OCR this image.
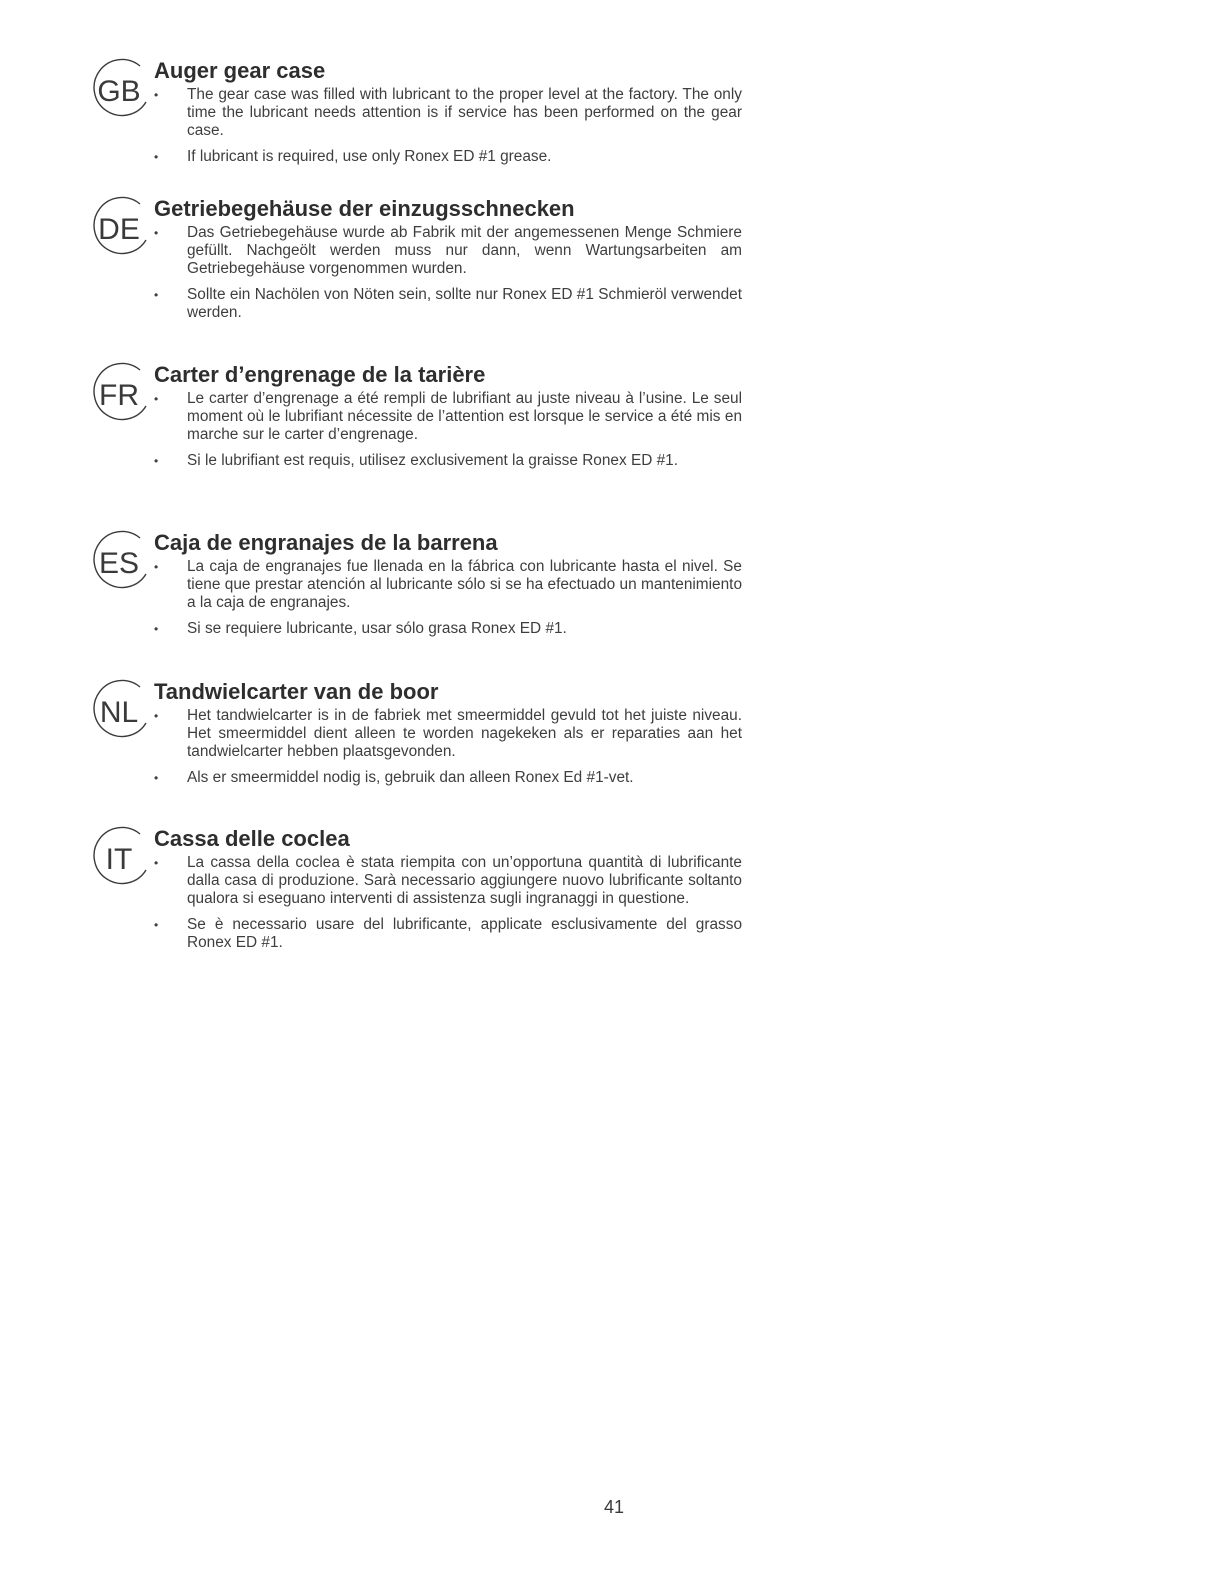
GB
Auger gear case
• The gear case was filled with lubricant to the proper level at the factory. The only time the lubricant needs attention is if service has been performed on the gear case.
• If lubricant is required, use only Ronex ED #1 grease.
DE
Getriebegehäuse der einzugsschnecken
• Das Getriebegehäuse wurde ab Fabrik mit der angemessenen Menge Schmiere gefüllt. Nachgeölt werden muss nur dann, wenn Wartungsarbeiten am Getriebegehäuse vorgenommen wurden.
• Sollte ein Nachölen von Nöten sein, sollte nur Ronex ED #1 Schmieröl verwendet werden.
FR
Carter d’engrenage de la tarière
• Le carter d’engrenage a été rempli de lubrifiant au juste niveau à l’usine. Le seul moment où le lubrifiant nécessite de l’attention est lorsque le service a été mis en marche sur le carter d’engrenage.
• Si le lubrifiant est requis, utilisez exclusivement la graisse Ronex ED #1.
ES
Caja de engranajes de la barrena
• La caja de engranajes fue llenada en la fábrica con lubricante hasta el nivel. Se tiene que prestar atención al lubricante sólo si se ha efectuado un mantenimiento a la caja de engranajes.
• Si se requiere lubricante, usar sólo grasa Ronex ED #1.
NL
Tandwielcarter van de boor
• Het tandwielcarter is in de fabriek met smeermiddel gevuld tot het juiste niveau. Het smeermiddel dient alleen te worden nagekeken als er reparaties aan het tandwielcarter hebben plaatsgevonden.
• Als er smeermiddel nodig is, gebruik dan alleen Ronex Ed #1-vet.
IT
Cassa delle coclea
• La cassa della coclea è stata riempita con un’opportuna quantità di lubrificante dalla casa di produzione. Sarà necessario aggiungere nuovo lubrificante soltanto qualora si eseguano interventi di assistenza sugli ingranaggi in questione.
• Se è necessario usare del lubrificante, applicate esclusivamente del grasso Ronex ED #1.
41
